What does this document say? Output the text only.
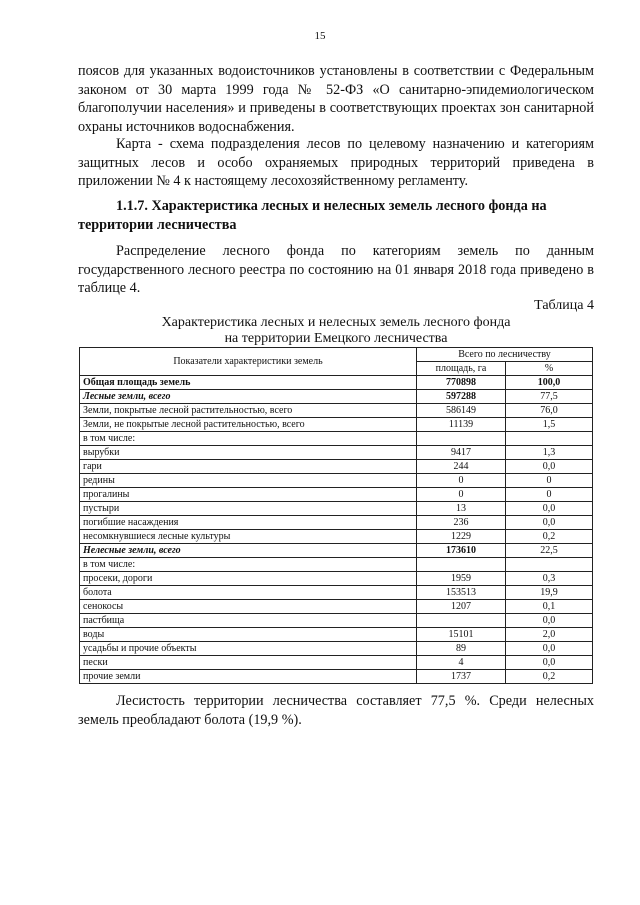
15
поясов для указанных водоисточников установлены в соответствии с Федеральным законом от 30 марта 1999 года № 52-ФЗ «О санитарно-эпидемиологическом благополучии населения» и приведены в соответствующих проектах зон санитарной охраны источников водоснабжения.
Карта - схема подразделения лесов по целевому назначению и категориям защитных лесов и особо охраняемых природных территорий приведена в приложении № 4 к настоящему лесохозяйственному регламенту.
1.1.7. Характеристика лесных и нелесных земель лесного фонда на
территории лесничества
Распределение лесного фонда по категориям земель по данным государственного лесного реестра по состоянию на 01 января 2018 года приведено в таблице 4.
Таблица 4
Характеристика лесных и нелесных земель лесного фонда
на территории Емецкого лесничества
Показатели характеристики земель	Всего по лесничеству	
	площадь, га	%
Общая площадь земель	770898	100,0
Лесные земли, всего	597288	77,5
Земли, покрытые лесной растительностью, всего	586149	76,0
Земли, не покрытые лесной растительностью, всего	11139	1,5
в том числе:		
вырубки	9417	1,3
гари	244	0,0
редины	0	0
прогалины	0	0
пустыри	13	0,0
погибшие насаждения	236	0,0
несомкнувшиеся лесные культуры	1229	0,2
Нелесные земли, всего	173610	22,5
в том числе:		
просеки, дороги	1959	0,3
болота	153513	19,9
сенокосы	1207	0,1
пастбища		0,0
воды	15101	2,0
усадьбы и прочие объекты	89	0,0
пески	4	0,0
прочие земли	1737	0,2
Лесистость территории лесничества составляет 77,5 %. Среди нелесных земель преобладают болота (19,9 %).
